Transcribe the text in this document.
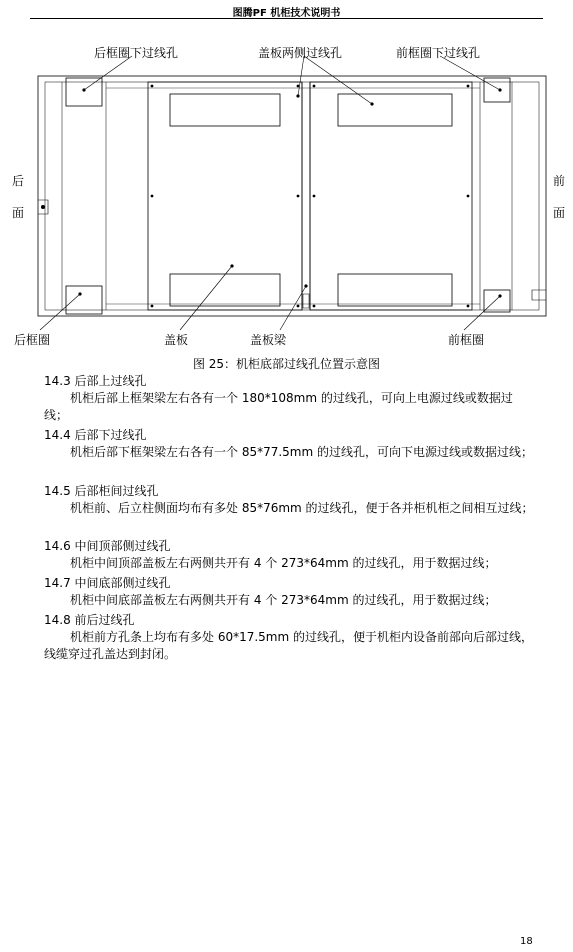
图腾PF 机柜技术说明书
后框圈下过线孔	盖板两侧过线孔	前框圈下过线孔
后
面
前
面
后框圈	盖板	盖板梁	前框圈
图 25：机柜底部过线孔位置示意图

14.3 后部上过线孔

机柜后部上框架梁左右各有一个 180*108mm 的过线孔，可向上电源过线或数据过线；

14.4 后部下过线孔

机柜后部下框架梁左右各有一个 85*77.5mm 的过线孔，可向下电源过线或数据过线；

14.5 后部柜间过线孔

机柜前、后立柱侧面均布有多处 85*76mm 的过线孔，便于各并柜机柜之间相互过线；

14.6 中间顶部侧过线孔

机柜中间顶部盖板左右两侧共开有 4 个 273*64mm 的过线孔，用于数据过线；

14.7 中间底部侧过线孔

机柜中间底部盖板左右两侧共开有 4 个 273*64mm 的过线孔，用于数据过线；

14.8 前后过线孔

机柜前方孔条上均布有多处 60*17.5mm 的过线孔，便于机柜内设备前部向后部过线，线缆穿过孔盖达到封闭。

18
